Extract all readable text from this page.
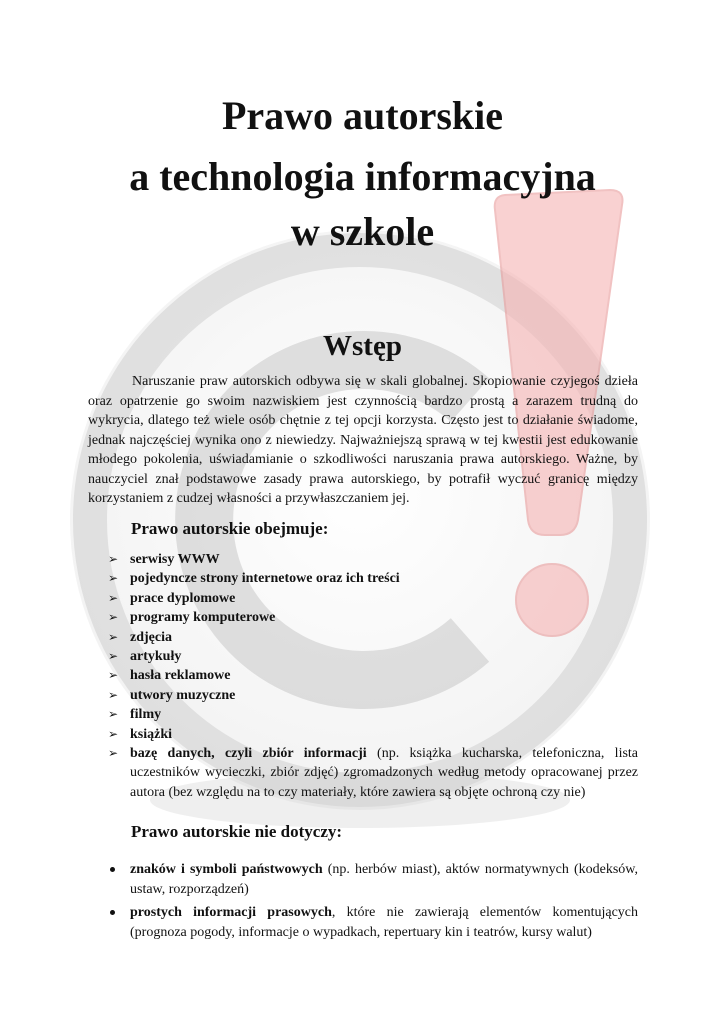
Prawo autorskie
a technologia informacyjna
w szkole
Wstęp

Naruszanie praw autorskich odbywa się w skali globalnej. Skopiowanie czyjegoś dzieła oraz opatrzenie go swoim nazwiskiem jest czynnością bardzo prostą a zarazem trudną do wykrycia, dlatego też wiele osób chętnie z tej opcji korzysta. Często jest to działanie świadome, jednak najczęściej wynika ono z niewiedzy. Najważniejszą sprawą w tej kwestii jest edukowanie młodego pokolenia, uświadamianie o szkodliwości naruszania prawa autorskiego. Ważne, by nauczyciel znał podstawowe zasady prawa autorskiego, by potrafił wyczuć granicę między korzystaniem z cudzej własności a przywłaszczaniem jej.

Prawo autorskie obejmuje:
➢ serwisy WWW
➢ pojedyncze strony internetowe oraz ich treści
➢ prace dyplomowe
➢ programy komputerowe
➢ zdjęcia
➢ artykuły
➢ hasła reklamowe
➢ utwory muzyczne
➢ filmy
➢ książki
➢ bazę danych, czyli zbiór informacji (np. książka kucharska, telefoniczna, lista uczestników wycieczki, zbiór zdjęć) zgromadzonych według metody opracowanej przez autora (bez względu na to czy materiały, które zawiera są objęte ochroną czy nie)
Prawo autorskie nie dotyczy:
znaków i symboli państwowych (np. herbów miast), aktów normatywnych (kodeksów, ustaw, rozporządzeń)
prostych informacji prasowych, które nie zawierają elementów komentujących (prognoza pogody, informacje o wypadkach, repertuary kin i teatrów, kursy walut)
